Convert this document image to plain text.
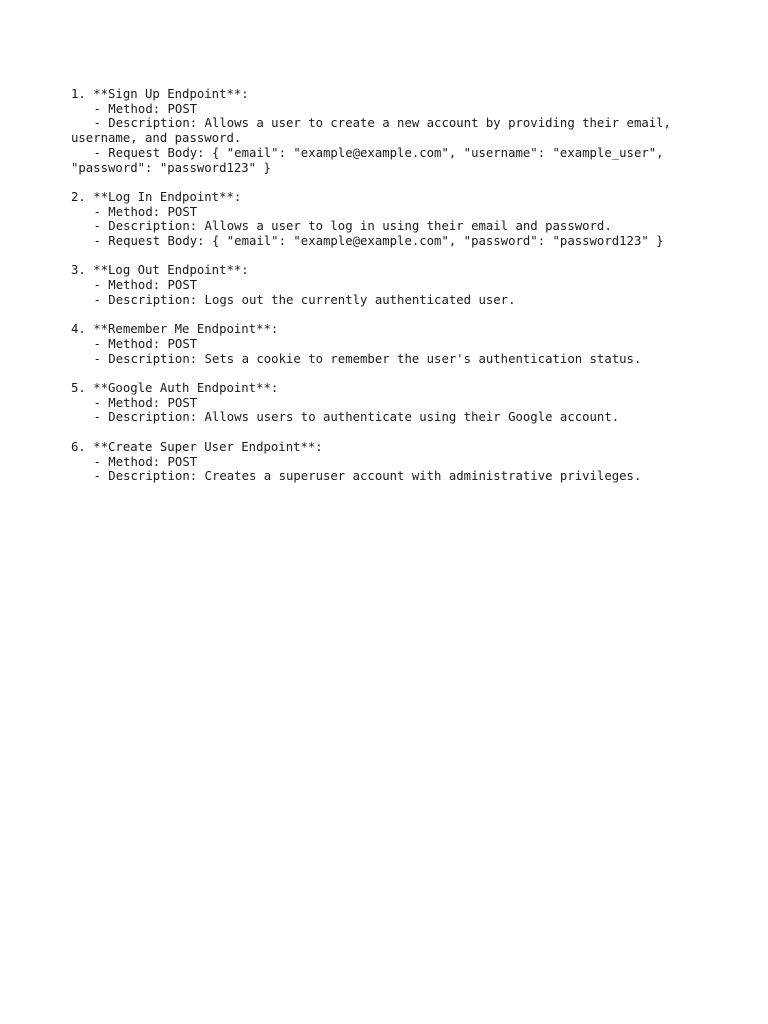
1. **Sign Up Endpoint**:
- Method: POST
- Description: Allows a user to create a new account by providing their email,
username, and password.
- Request Body: { "email": "example@example.com", "username": "example_user",
"password": "password123" }
2. **Log In Endpoint**:
- Method: POST
- Description: Allows a user to log in using their email and password.
- Request Body: { "email": "example@example.com", "password": "password123" }
3. **Log Out Endpoint**:
- Method: POST
- Description: Logs out the currently authenticated user.
4. **Remember Me Endpoint**:
- Method: POST
- Description: Sets a cookie to remember the user's authentication status.
5. **Google Auth Endpoint**:
- Method: POST
- Description: Allows users to authenticate using their Google account.
6. **Create Super User Endpoint**:
- Method: POST
- Description: Creates a superuser account with administrative privileges.
